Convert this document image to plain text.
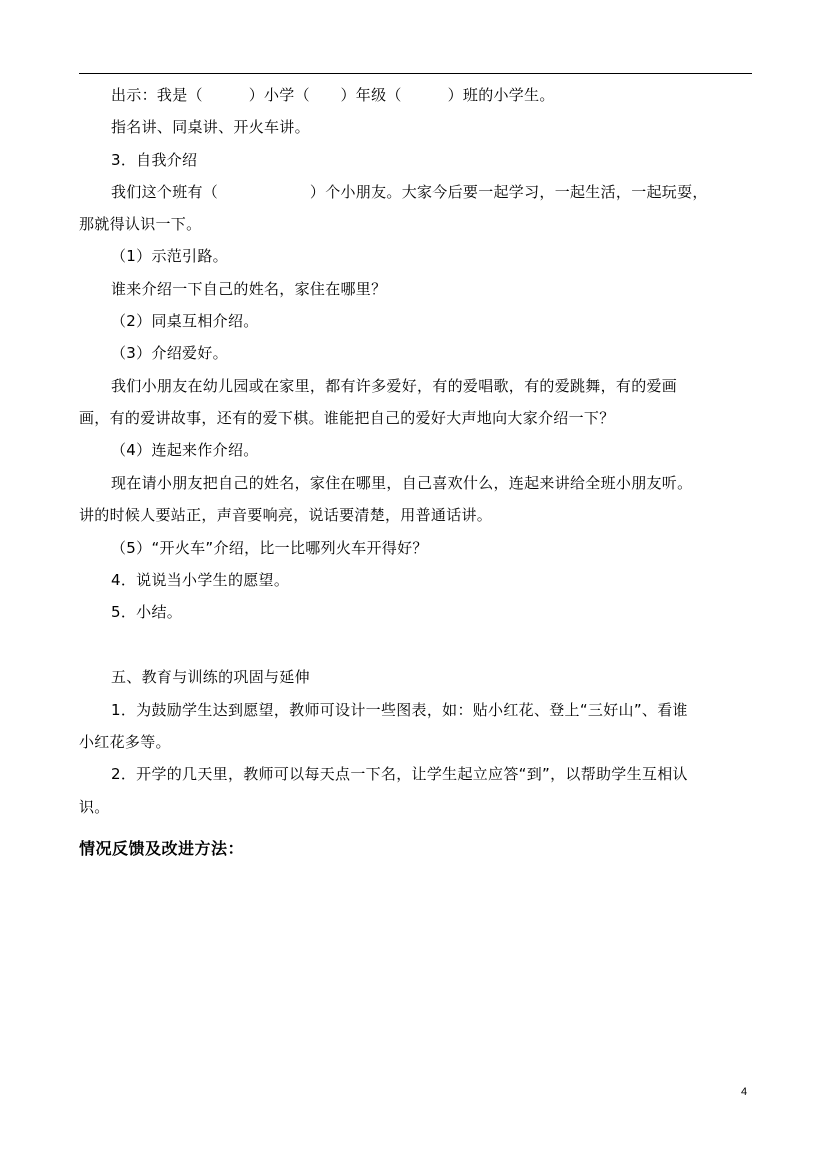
出示：我是（　　　）小学（　　）年级（　　　）班的小学生。
指名讲、同桌讲、开火车讲。
3．自我介绍
我们这个班有（　　　　　　）个小朋友。大家今后要一起学习，一起生活，一起玩耍，
那就得认识一下。
（1）示范引路。
谁来介绍一下自己的姓名，家住在哪里？
（2）同桌互相介绍。
（3）介绍爱好。
我们小朋友在幼儿园或在家里，都有许多爱好，有的爱唱歌，有的爱跳舞，有的爱画
画，有的爱讲故事，还有的爱下棋。谁能把自己的爱好大声地向大家介绍一下？
（4）连起来作介绍。
现在请小朋友把自己的姓名，家住在哪里，自己喜欢什么，连起来讲给全班小朋友听。
讲的时候人要站正，声音要响亮，说话要清楚，用普通话讲。
（5）“开火车”介绍，比一比哪列火车开得好？
4．说说当小学生的愿望。
5．小结。
五、教育与训练的巩固与延伸
1．为鼓励学生达到愿望，教师可设计一些图表，如：贴小红花、登上“三好山”、看谁
小红花多等。
2．开学的几天里，教师可以每天点一下名，让学生起立应答“到”，以帮助学生互相认
识。
情况反馈及改进方法：
4
